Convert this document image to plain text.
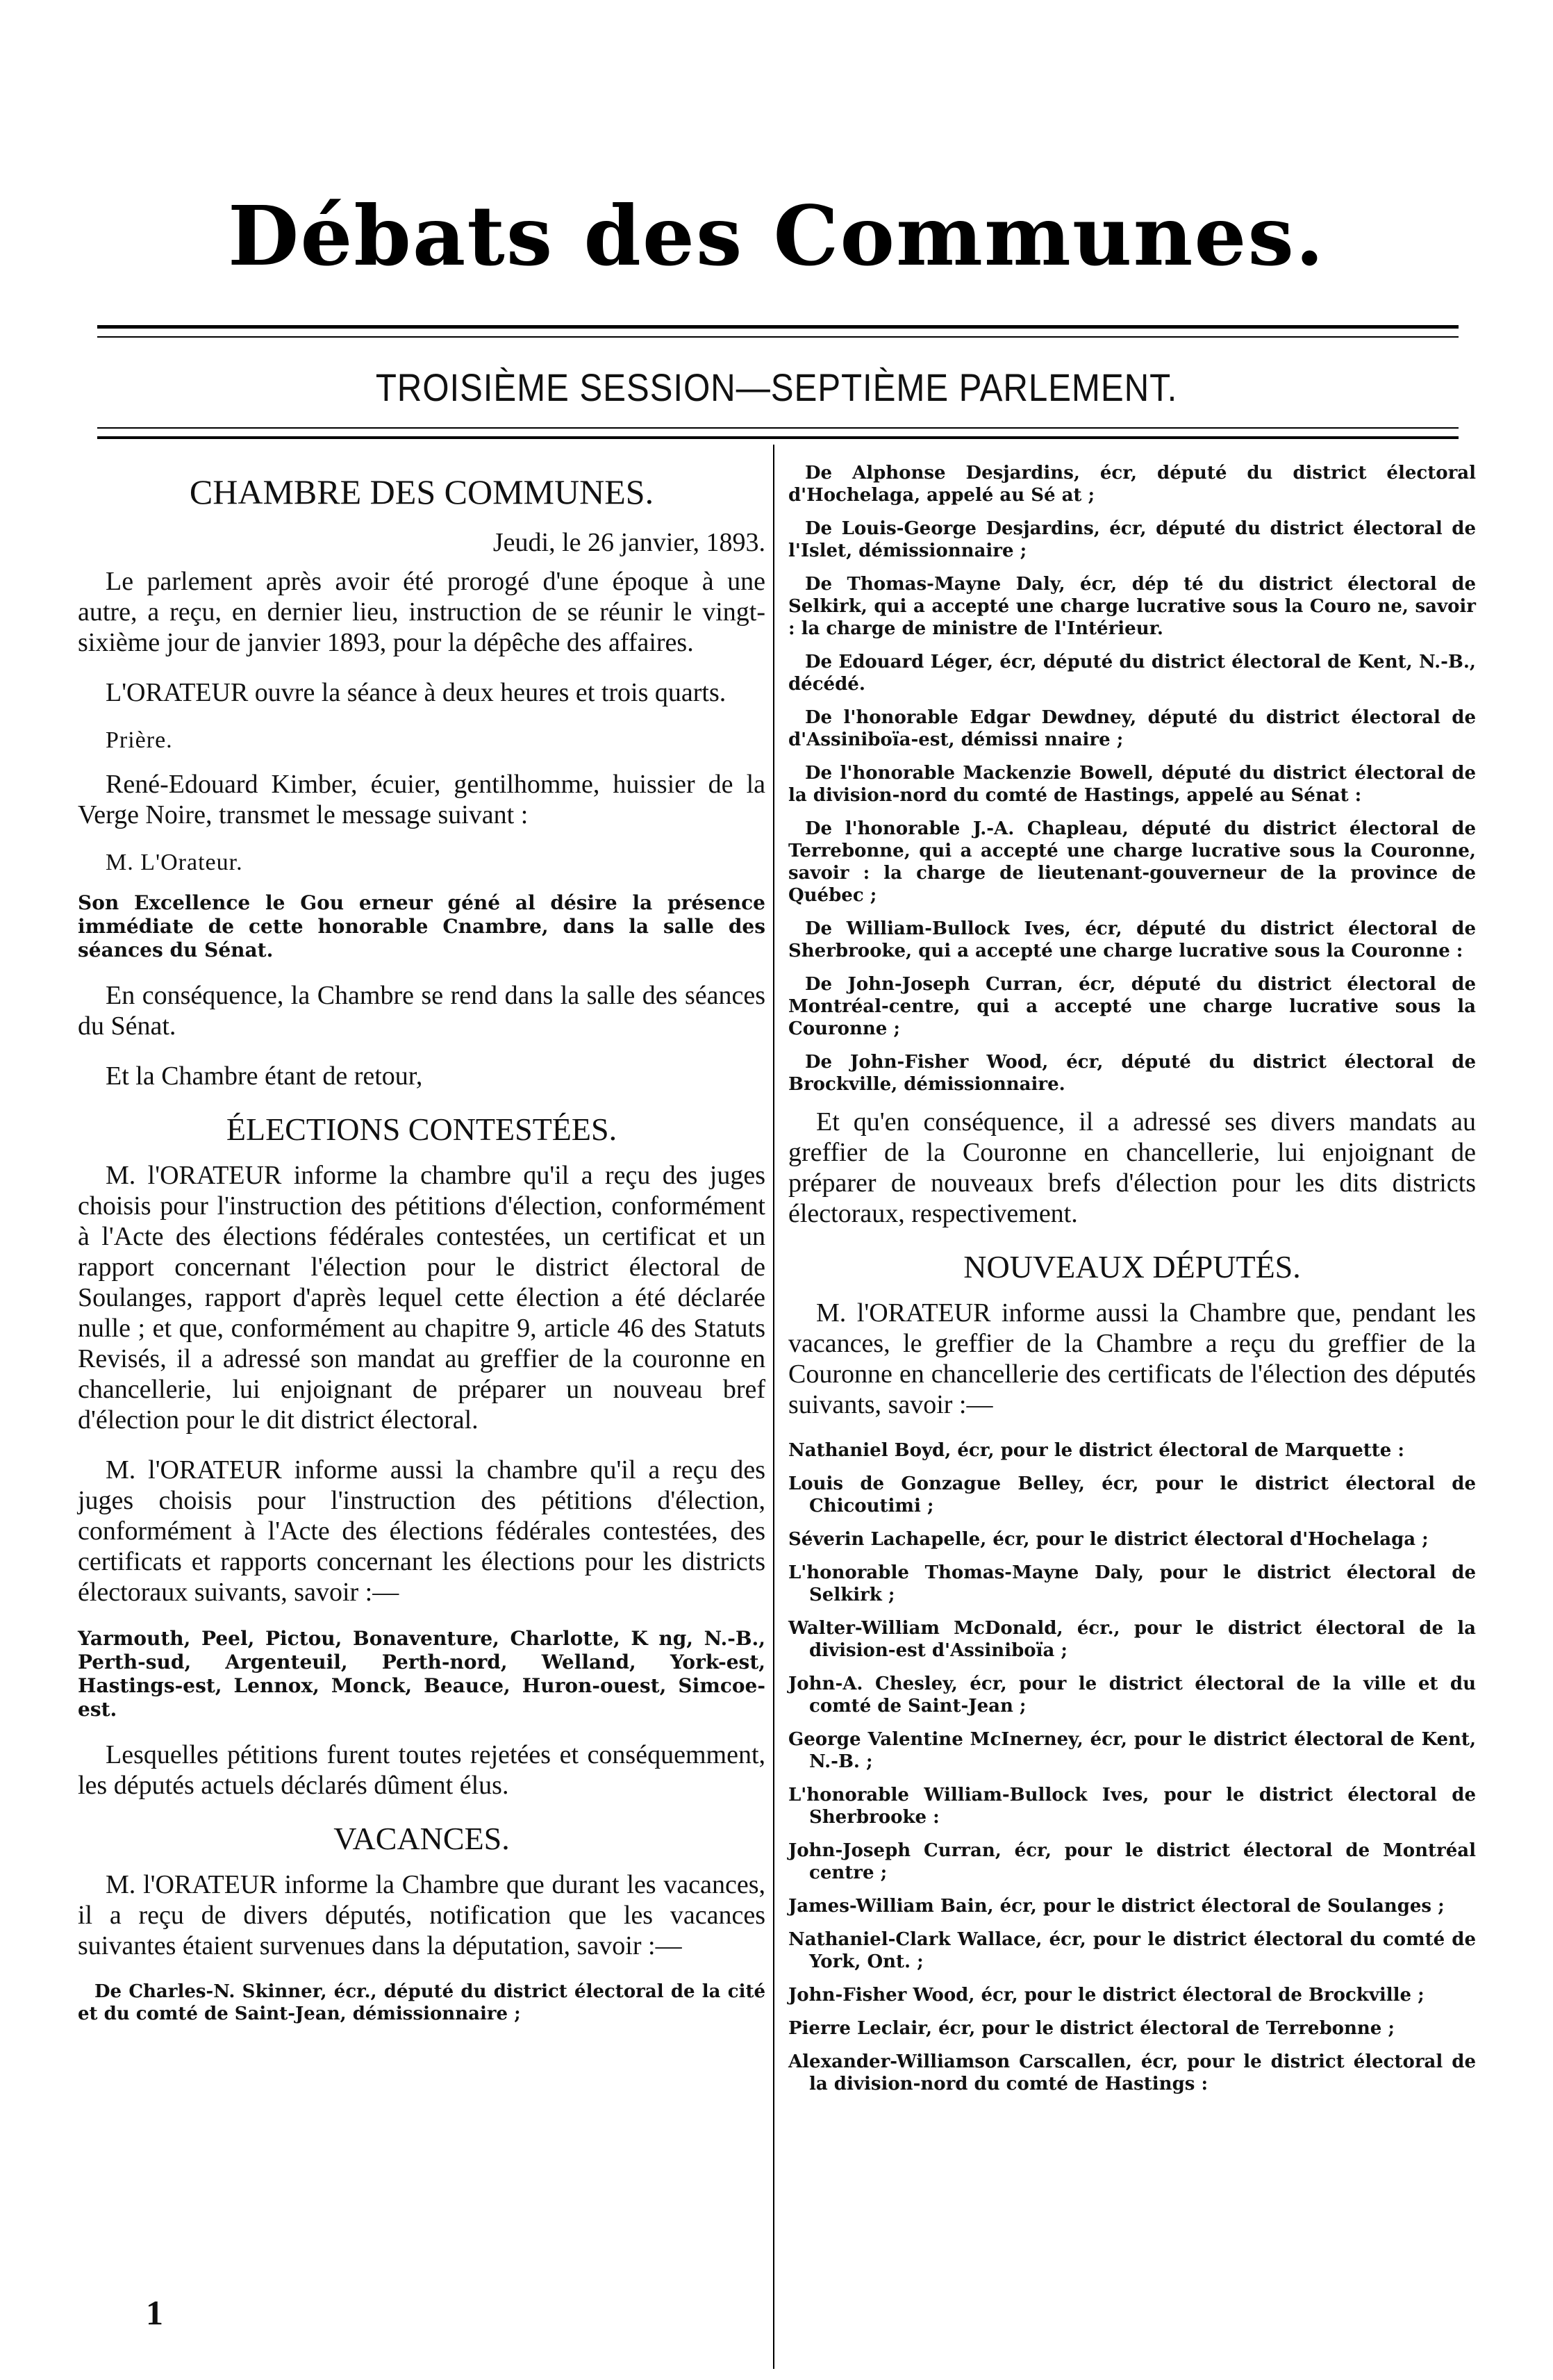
Débats des Communes.
TROISIÈME SESSION—SEPTIÈME PARLEMENT.
CHAMBRE DES COMMUNES.
Jeudi, le 26 janvier, 1893.

Le parlement après avoir été prorogé d'une époque à une autre, a reçu, en dernier lieu, instruction de se réunir le vingt-sixième jour de janvier 1893, pour la dépêche des affaires.

L'ORATEUR ouvre la séance à deux heures et trois quarts.

Prière.

René-Edouard Kimber, écuier, gentilhomme, huissier de la Verge Noire, transmet le message suivant :

M. L'Orateur.

Son Excellence le Gou erneur géné al désire la présence immédiate de cette honorable Cnambre, dans la salle des séances du Sénat.

En conséquence, la Chambre se rend dans la salle des séances du Sénat.

Et la Chambre étant de retour,

ÉLECTIONS CONTESTÉES.

M. l'ORATEUR informe la chambre qu'il a reçu des juges choisis pour l'instruction des pétitions d'élection, conformément à l'Acte des élections fédérales contestées, un certificat et un rapport concernant l'élection pour le district électoral de Soulanges, rapport d'après lequel cette élection a été déclarée nulle ; et que, conformément au chapitre 9, article 46 des Statuts Revisés, il a adressé son mandat au greffier de la couronne en chancellerie, lui enjoignant de préparer un nouveau bref d'élection pour le dit district électoral.

M. l'ORATEUR informe aussi la chambre qu'il a reçu des juges choisis pour l'instruction des pétitions d'élection, conformément à l'Acte des élections fédérales contestées, des certificats et rapports concernant les élections pour les districts électoraux suivants, savoir :—

Yarmouth, Peel, Pictou, Bonaventure, Charlotte, K ng, N.-B., Perth-sud, Argenteuil, Perth-nord, Welland, York-est, Hastings-est, Lennox, Monck, Beauce, Huron-ouest, Simcoe-est.

Lesquelles pétitions furent toutes rejetées et conséquemment, les députés actuels déclarés dûment élus.

VACANCES.

M. l'ORATEUR informe la Chambre que durant les vacances, il a reçu de divers députés, notification que les vacances suivantes étaient survenues dans la députation, savoir :—

De Charles-N. Skinner, écr., député du district électoral de la cité et du comté de Saint-Jean, démissionnaire ;

De Alphonse Desjardins, écr, député du district électoral d'Hochelaga, appelé au Sé at ;

De Louis-George Desjardins, écr, député du district électoral de l'Islet, démissionnaire ;

De Thomas-Mayne Daly, écr, dép té du district électoral de Selkirk, qui a accepté une charge lucrative sous la Couro ne, savoir : la charge de ministre de l'Intérieur.

De Edouard Léger, écr, député du district électoral de Kent, N.-B., décédé.

De l'honorable Edgar Dewdney, député du district électoral de d'Assiniboïa-est, démissi nnaire ;

De l'honorable Mackenzie Bowell, député du district électoral de la division-nord du comté de Hastings, appelé au Sénat :

De l'honorable J.-A. Chapleau, député du district électoral de Terrebonne, qui a accepté une charge lucrative sous la Couronne, savoir : la charge de lieutenant-gouverneur de la province de Québec ;

De William-Bullock Ives, écr, député du district électoral de Sherbrooke, qui a accepté une charge lucrative sous la Couronne :

De John-Joseph Curran, écr, député du district électoral de Montréal-centre, qui a accepté une charge lucrative sous la Couronne ;

De John-Fisher Wood, écr, député du district électoral de Brockville, démissionnaire.

Et qu'en conséquence, il a adressé ses divers mandats au greffier de la Couronne en chancellerie, lui enjoignant de préparer de nouveaux brefs d'élection pour les dits districts électoraux, respectivement.

NOUVEAUX DÉPUTÉS.

M. l'ORATEUR informe aussi la Chambre que, pendant les vacances, le greffier de la Chambre a reçu du greffier de la Couronne en chancellerie des certificats de l'élection des députés suivants, savoir :—

Nathaniel Boyd, écr, pour le district électoral de Marquette :

Louis de Gonzague Belley, écr, pour le district électoral de Chicoutimi ;

Séverin Lachapelle, écr, pour le district électoral d'Hochelaga ;

L'honorable Thomas-Mayne Daly, pour le district électoral de Selkirk ;

Walter-William McDonald, écr., pour le district électoral de la division-est d'Assiniboïa ;

John-A. Chesley, écr, pour le district électoral de la ville et du comté de Saint-Jean ;

George Valentine McInerney, écr, pour le district électoral de Kent, N.-B. ;

L'honorable William-Bullock Ives, pour le district électoral de Sherbrooke :

John-Joseph Curran, écr, pour le district électoral de Montréal centre ;

James-William Bain, écr, pour le district électoral de Soulanges ;

Nathaniel-Clark Wallace, écr, pour le district électoral du comté de York, Ont. ;

John-Fisher Wood, écr, pour le district électoral de Brockville ;

Pierre Leclair, écr, pour le district électoral de Terrebonne ;

Alexander-Williamson Carscallen, écr, pour le district électoral de la division-nord du comté de Hastings :

1
